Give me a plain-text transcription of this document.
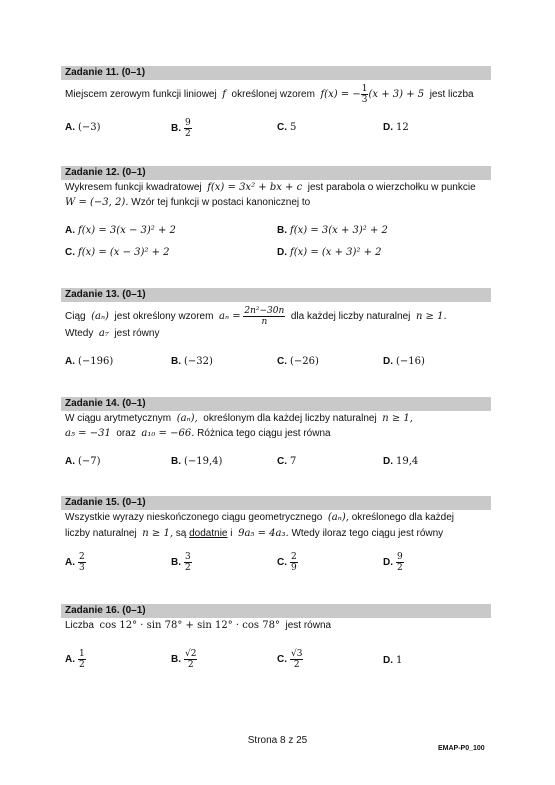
Zadanie 11. (0–1)
Miejscem zerowym funkcji liniowej f określonej wzorem f(x) = − $\frac{1}{3} (x + 3) + 5$ jest liczba
A. (−3)	B. $\frac{9}{2}$	C. 5	D. 12
Zadanie 12. (0–1)
Wykresem funkcji kwadratowej f(x) = 3x² + bx + c jest parabola o wierzchołku w punkcie
W = (−3, 2). Wzór tej funkcji w postaci kanonicznej to
A. f(x) = 3(x − 3)² + 2	B. f(x) = 3(x + 3)² + 2
C. f(x) = (x − 3)² + 2	D. f(x) = (x + 3)² + 2
Zadanie 13. (0–1)
Ciąg (aₙ) jest określony wzorem $a_n = \frac{\text{2n²−30n}}{n}$ dla każdej liczby naturalnej n ≥ 1.
Wtedy a₇ jest równy
A. (−196)	B. (−32)	C. (−26)	D. (−16)
Zadanie 14. (0–1)
W ciągu arytmetycznym (aₙ), określonym dla każdej liczby naturalnej n ≥ 1,
a₅ = −31 oraz a₁₀ = −66. Różnica tego ciągu jest równa
A. (−7)	B. (−19,4)	C. 7	D. 19,4
Zadanie 15. (0–1)
Wszystkie wyrazy nieskończonego ciągu geometrycznego (aₙ), określonego dla każdej
liczby naturalnej n ≥ 1, są dodatnie i 9a₅ = 4a₃. Wtedy iloraz tego ciągu jest równy
A. $\frac{2}{3}$	B. $\frac{3}{2}$	C. $\frac{2}{9}$	D. $\frac{9}{2}$
Zadanie 16. (0–1)
Liczba cos 12° · sin 78° + sin 12° · cos 78° jest równa
A. $\frac{1}{2}$	B. $\frac{√2}{2}$	C. $\frac{√3}{2}$	D. 1
Strona 8 z 25
EMAP-P0_100
